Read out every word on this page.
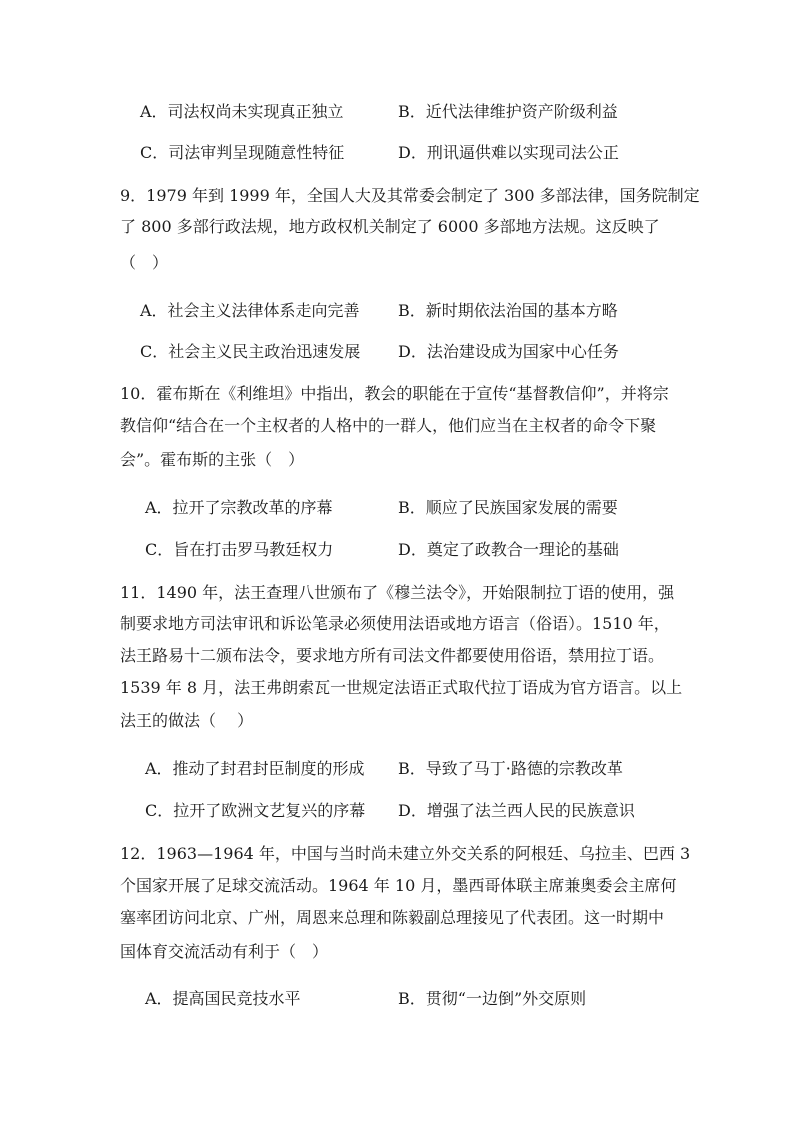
A．司法权尚未实现真正独立	B．近代法律维护资产阶级利益
C．司法审判呈现随意性特征	D．刑讯逼供难以实现司法公正
9．1979 年到 1999 年，全国人大及其常委会制定了 300 多部法律，国务院制定
了 800 多部行政法规，地方政权机关制定了 6000 多部地方法规。这反映了
（　）
A．社会主义法律体系走向完善 B．新时期依法治国的基本方略
C．社会主义民主政治迅速发展 D．法治建设成为国家中心任务
10．霍布斯在《利维坦》中指出，教会的职能在于宣传“基督教信仰”，并将宗
教信仰“结合在一个主权者的人格中的一群人，他们应当在主权者的命令下聚
会”。霍布斯的主张（　）
A．拉开了宗教改革的序幕	B．顺应了民族国家发展的需要
C．旨在打击罗马教廷权力	D．奠定了政教合一理论的基础
11．1490 年，法王查理八世颁布了《穆兰法令》，开始限制拉丁语的使用，强
制要求地方司法审讯和诉讼笔录必须使用法语或地方语言（俗语）。1510 年，
法王路易十二颁布法令，要求地方所有司法文件都要使用俗语，禁用拉丁语。
1539 年 8 月，法王弗朗索瓦一世规定法语正式取代拉丁语成为官方语言。以上
法王的做法（　 ）
A．推动了封君封臣制度的形成 B．导致了马丁·路德的宗教改革
C．拉开了欧洲文艺复兴的序幕 D．增强了法兰西人民的民族意识
12．1963—1964 年，中国与当时尚未建立外交关系的阿根廷、乌拉圭、巴西 3
个国家开展了足球交流活动。1964 年 10 月，墨西哥体联主席兼奥委会主席何
塞率团访问北京、广州，周恩来总理和陈毅副总理接见了代表团。这一时期中
国体育交流活动有利于（　）
A．提高国民竞技水平	B．贯彻“一边倒”外交原则
